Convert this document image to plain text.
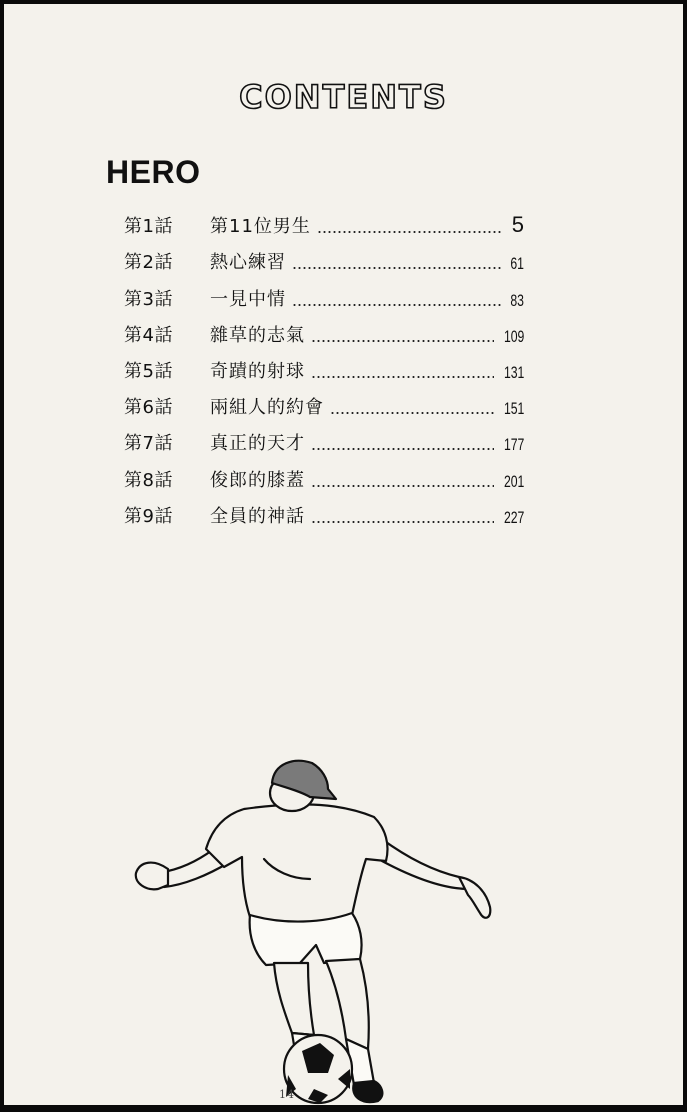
CONTENTS
HERO
第1話	第11位男生	5
第2話	熱心練習	61
第3話	一見中情	83
第4話	雜草的志氣	109
第5話	奇蹟的射球	131
第6話	兩組人的約會	151
第7話	真正的天才	177
第8話	俊郎的膝蓋	201
第9話	全員的神話	227
14
